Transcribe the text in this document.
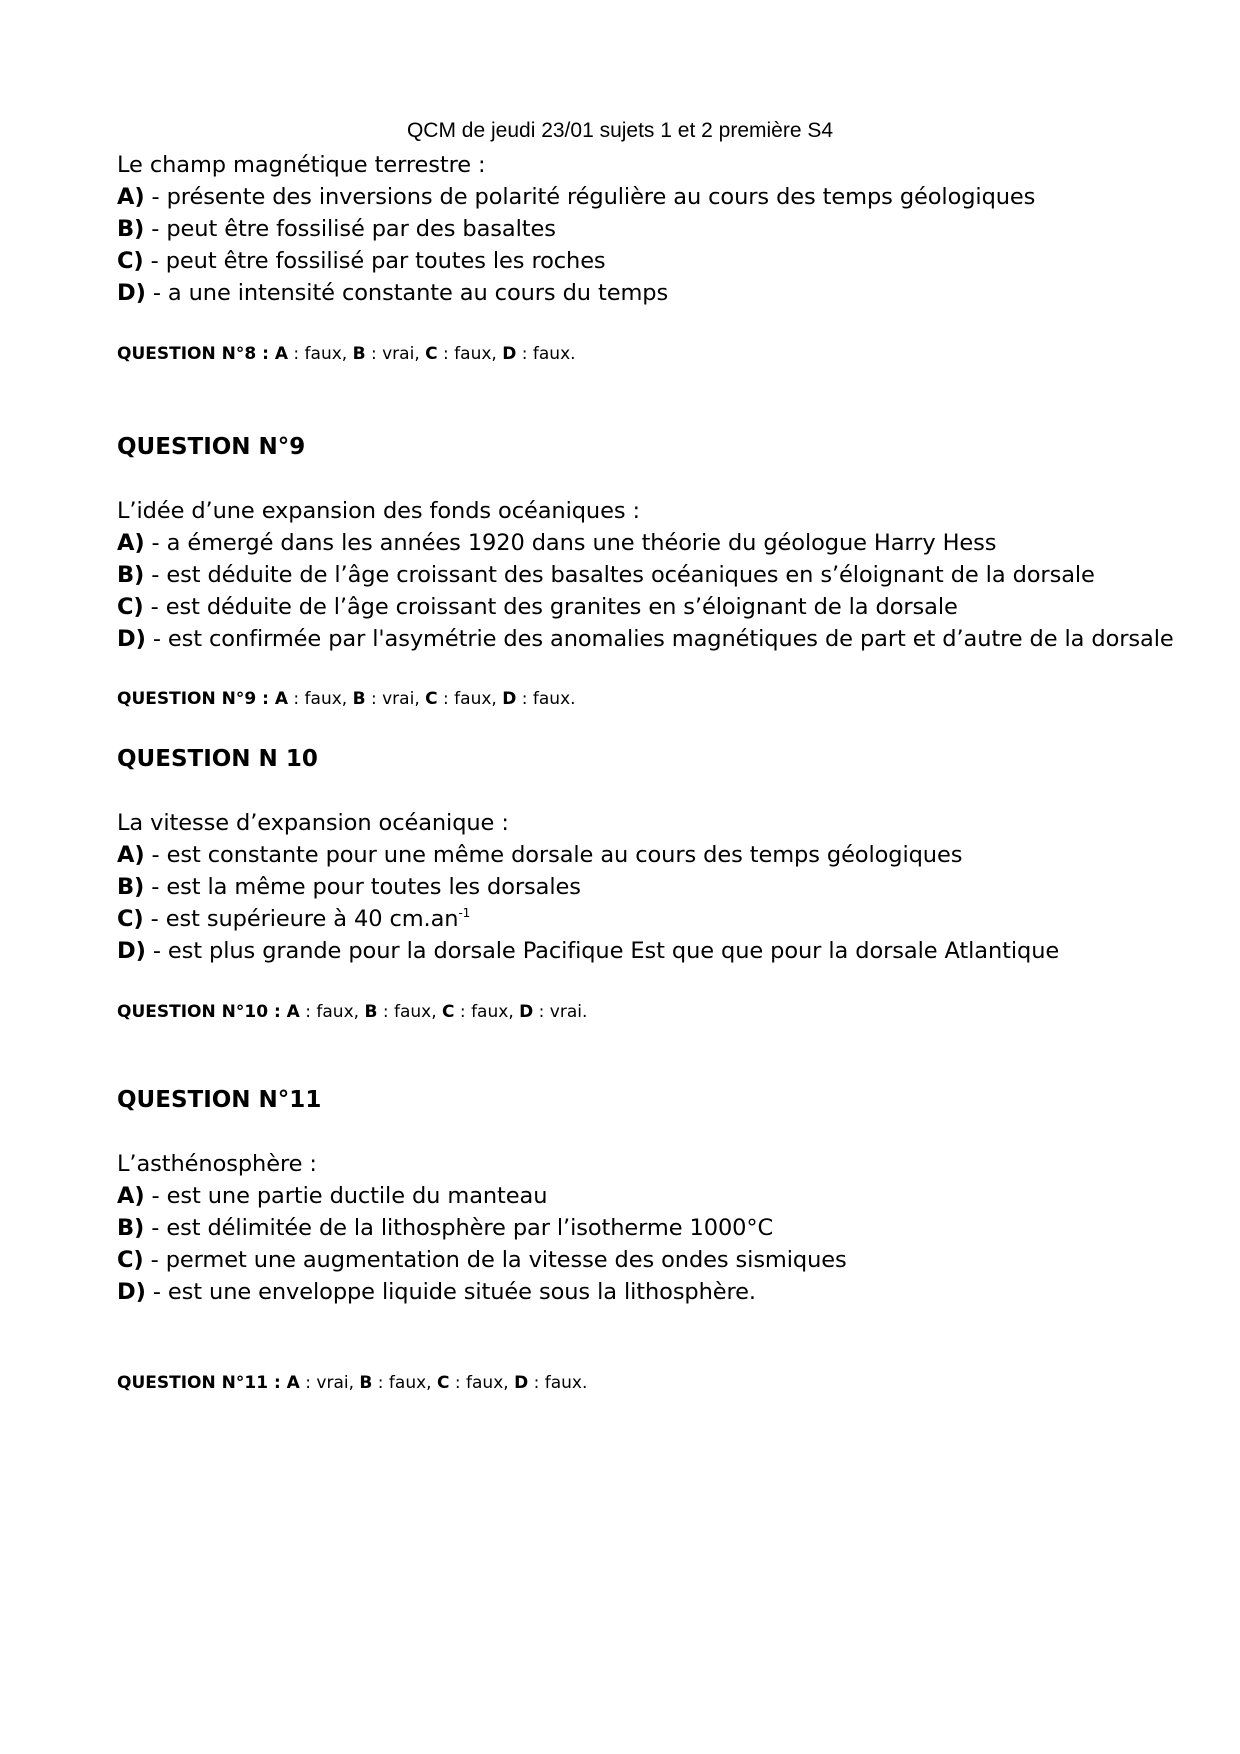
QCM de jeudi 23/01 sujets 1 et 2 première S4
Le champ magnétique terrestre :
A) - présente des inversions de polarité régulière au cours des temps géologiques
B) - peut être fossilisé par des basaltes
C) - peut être fossilisé par toutes les roches
D) - a une intensité constante au cours du temps
QUESTION N°8 : A : faux, B : vrai, C : faux, D : faux.
QUESTION N°9
L’idée d’une expansion des fonds océaniques :
A) - a émergé dans les années 1920 dans une théorie du géologue Harry Hess
B) - est déduite de l’âge croissant des basaltes océaniques en s’éloignant de la dorsale
C) - est déduite de l’âge croissant des granites en s’éloignant de la dorsale
D) - est confirmée par l'asymétrie des anomalies magnétiques de part et d’autre de la dorsale
QUESTION N°9 : A : faux, B : vrai, C : faux, D : faux.
QUESTION N 10
La vitesse d’expansion océanique :
A) - est constante pour une même dorsale au cours des temps géologiques
B) - est la même pour toutes les dorsales
C) - est supérieure à 40 $cm.an^{-1}$
D) - est plus grande pour la dorsale Pacifique Est que que pour la dorsale Atlantique
QUESTION N°10 : A : faux, B : faux, C : faux, D : vrai.
QUESTION N°11
L’asthénosphère :
A) - est une partie ductile du manteau
B) - est délimitée de la lithosphère par l’isotherme 1000°C
C) - permet une augmentation de la vitesse des ondes sismiques
D) - est une enveloppe liquide située sous la lithosphère.
QUESTION N°11 : A : vrai, B : faux, C : faux, D : faux.
